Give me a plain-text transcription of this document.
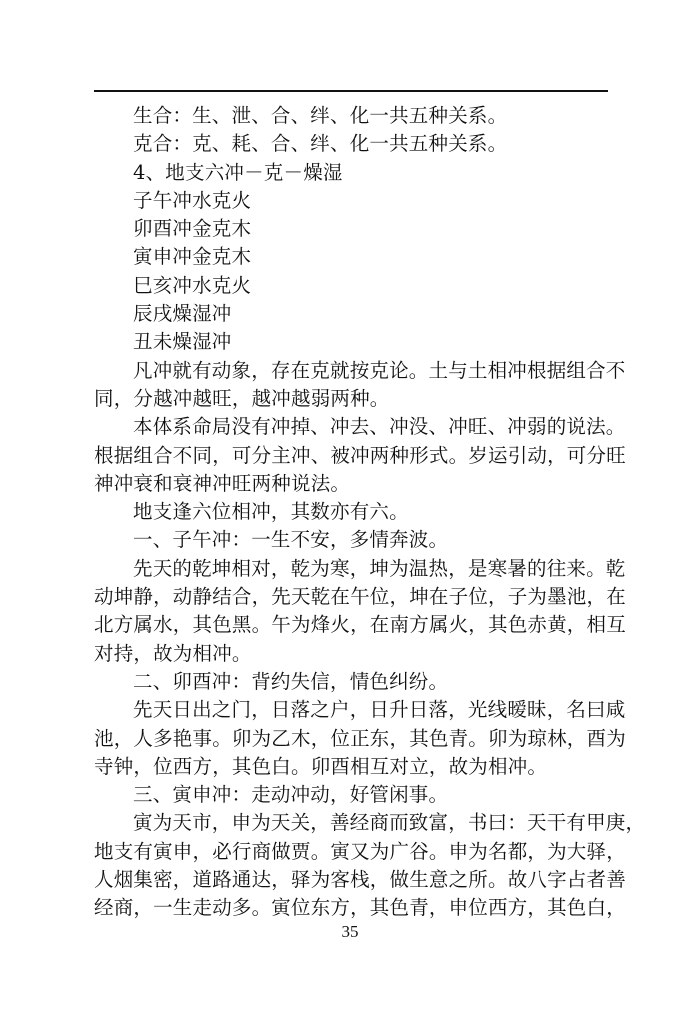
生合：生、泄、合、绊、化一共五种关系。
克合：克、耗、合、绊、化一共五种关系。
4、地支六冲－克－燥湿
子午冲水克火
卯酉冲金克木
寅申冲金克木
巳亥冲水克火
辰戌燥湿冲
丑未燥湿冲
凡冲就有动象，存在克就按克论。土与土相冲根据组合不
同，分越冲越旺，越冲越弱两种。
本体系命局没有冲掉、冲去、冲没、冲旺、冲弱的说法。
根据组合不同，可分主冲、被冲两种形式。岁运引动，可分旺
神冲衰和衰神冲旺两种说法。
地支逢六位相冲，其数亦有六。
一、子午冲：一生不安，多情奔波。
先天的乾坤相对，乾为寒，坤为温热，是寒暑的往来。乾
动坤静，动静结合，先天乾在午位，坤在子位，子为墨池，在
北方属水，其色黑。午为烽火，在南方属火，其色赤黄，相互
对持，故为相冲。
二、卯酉冲：背约失信，情色纠纷。
先天日出之门，日落之户，日升日落，光线暧昧，名曰咸
池，人多艳事。卯为乙木，位正东，其色青。卯为琼林，酉为
寺钟，位西方，其色白。卯酉相互对立，故为相冲。
三、寅申冲：走动冲动，好管闲事。
寅为天市，申为天关，善经商而致富，书曰：天干有甲庚，
地支有寅申，必行商做贾。寅又为广谷。申为名都，为大驿，
人烟集密，道路通达，驿为客栈，做生意之所。故八字占者善
经商，一生走动多。寅位东方，其色青，申位西方，其色白，
35
